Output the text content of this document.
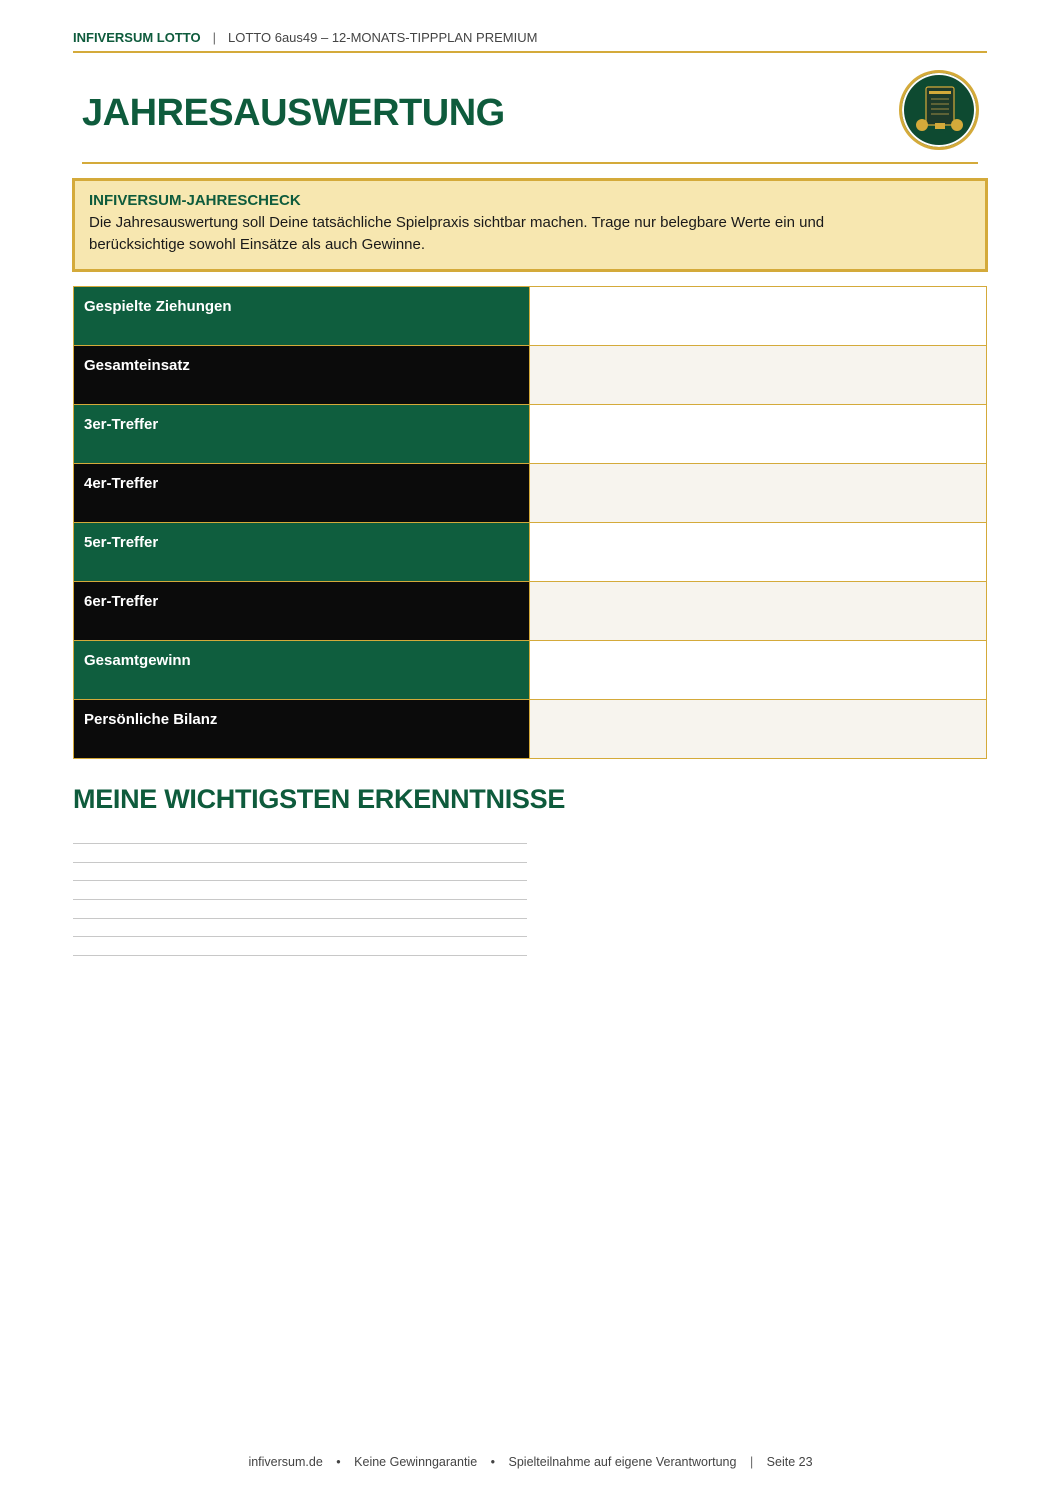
INFIVERSUM LOTTO | LOTTO 6aus49 – 12-MONATS-TIPPPLAN PREMIUM
JAHRESAUSWERTUNG
INFIVERSUM-JAHRESCHECK
Die Jahresauswertung soll Deine tatsächliche Spielpraxis sichtbar machen. Trage nur belegbare Werte ein und
berücksichtige sowohl Einsätze als auch Gewinne.
Gespielte Ziehungen
Gesamteinsatz
3er-Treffer
4er-Treffer
5er-Treffer
6er-Treffer
Gesamtgewinn
Persönliche Bilanz
MEINE WICHTIGSTEN ERKENNTNISSE
infiversum.de • Keine Gewinngarantie • Spielteilnahme auf eigene Verantwortung | Seite 23
